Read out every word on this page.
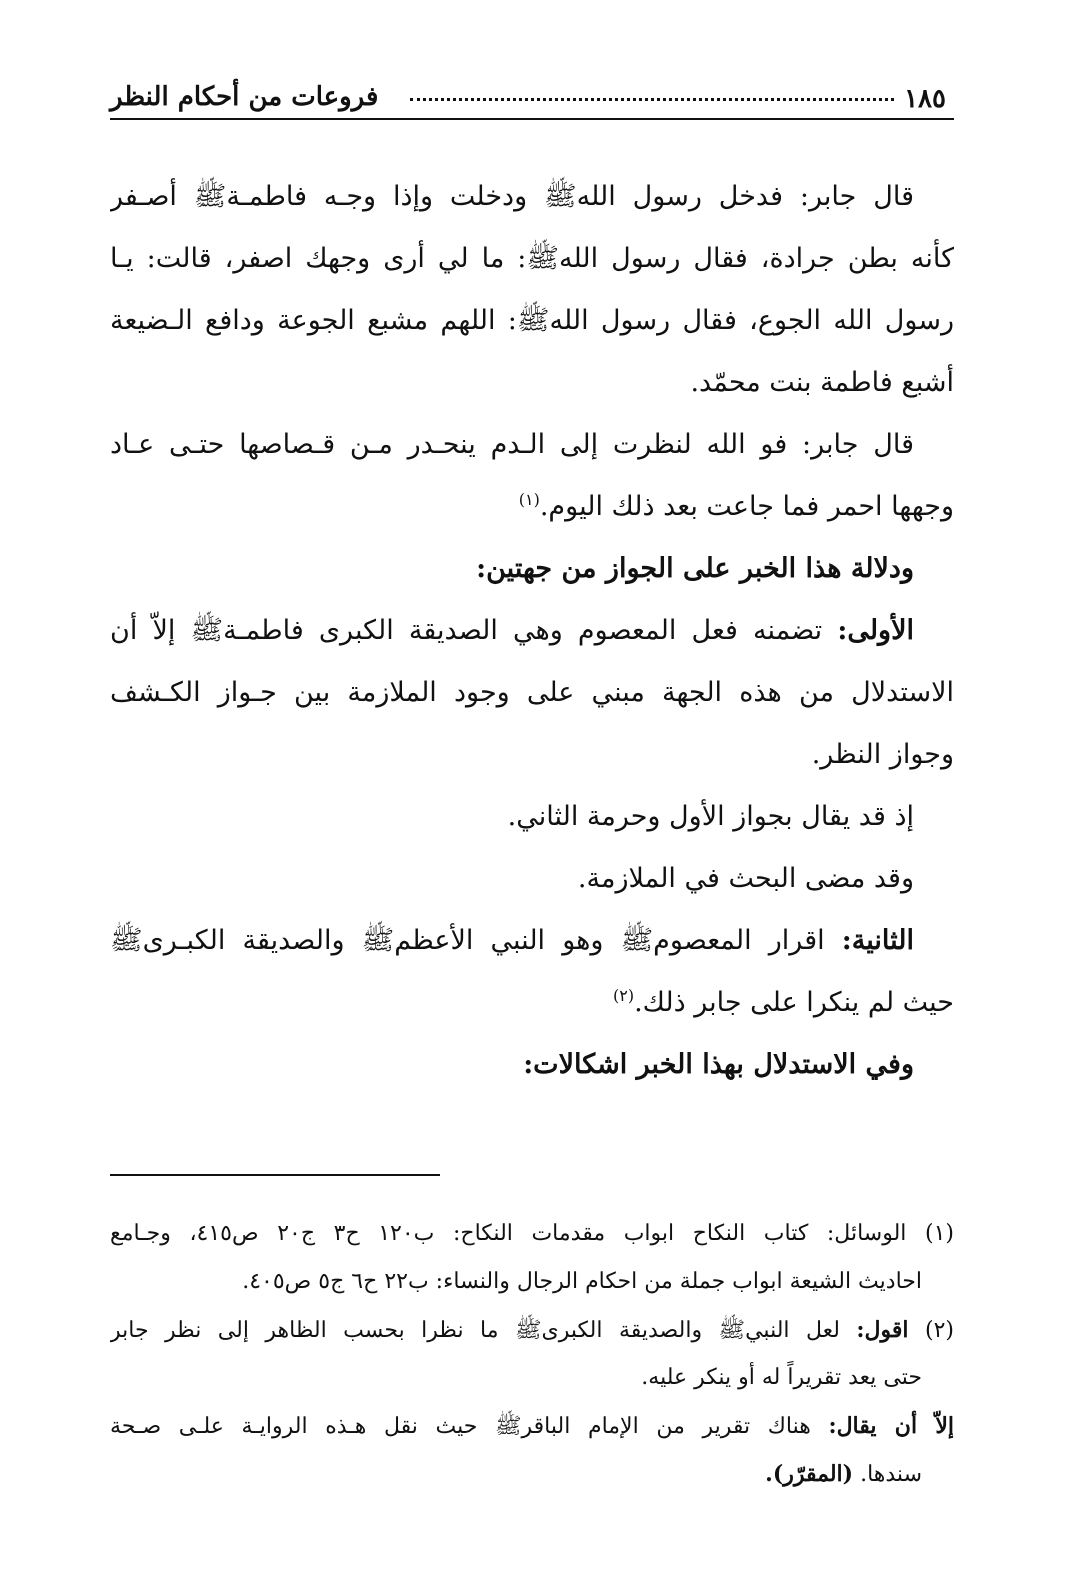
١٨٥
فروعات من أحكام النظر
قال جابر: فدخل رسول اللهﷺ ودخلت وإذا وجـه فاطمـةﷺ أصـفر
كأنه بطن جرادة، فقال رسول اللهﷺ: ما لي أرى وجهك اصفر، قالت: يـا
رسول الله الجوع، فقال رسول اللهﷺ: اللهم مشبع الجوعة ودافع الـضيعة
أشبع فاطمة بنت محمّد.
قال جابر: فو الله لنظرت إلى الـدم ينحـدر مـن قـصاصها حتـى عـاد
وجهها احمر فما جاعت بعد ذلك اليوم.$^{(١)}$
ودلالة هذا الخبر على الجواز من جهتين:
الأولى: تضمنه فعل المعصوم وهي الصديقة الكبرى فاطمـةﷺ إلاّ أن
الاستدلال من هذه الجهة مبني على وجود الملازمة بين جـواز الكـشف
وجواز النظر.
إذ قد يقال بجواز الأول وحرمة الثاني.
وقد مضى البحث في الملازمة.
الثانية: اقرار المعصومﷺ وهو النبي الأعظمﷺ والصديقة الكبـرىﷺ
حيث لم ينكرا على جابر ذلك.$^{(٢)}$
وفي الاستدلال بهذا الخبر اشكالات:
(١) الوسائل: كتاب النكاح ابواب مقدمات النكاح: ب١٢٠ ح٣ ج٢٠ ص٤١٥، وجـامع
احاديث الشيعة ابواب جملة من احكام الرجال والنساء: ب٢٢ ح٦ ج٥ ص٤٠٥.
(٢) اقول: لعل النبيﷺ والصديقة الكبرىﷺ ما نظرا بحسب الظاهر إلى نظر جابر
حتى يعد تقريراً له أو ينكر عليه.
إلاّ أن يقال: هناك تقرير من الإمام الباقرﷺ حيث نقل هـذه الروايـة علـى صـحة
سندها. (المقرّر).
